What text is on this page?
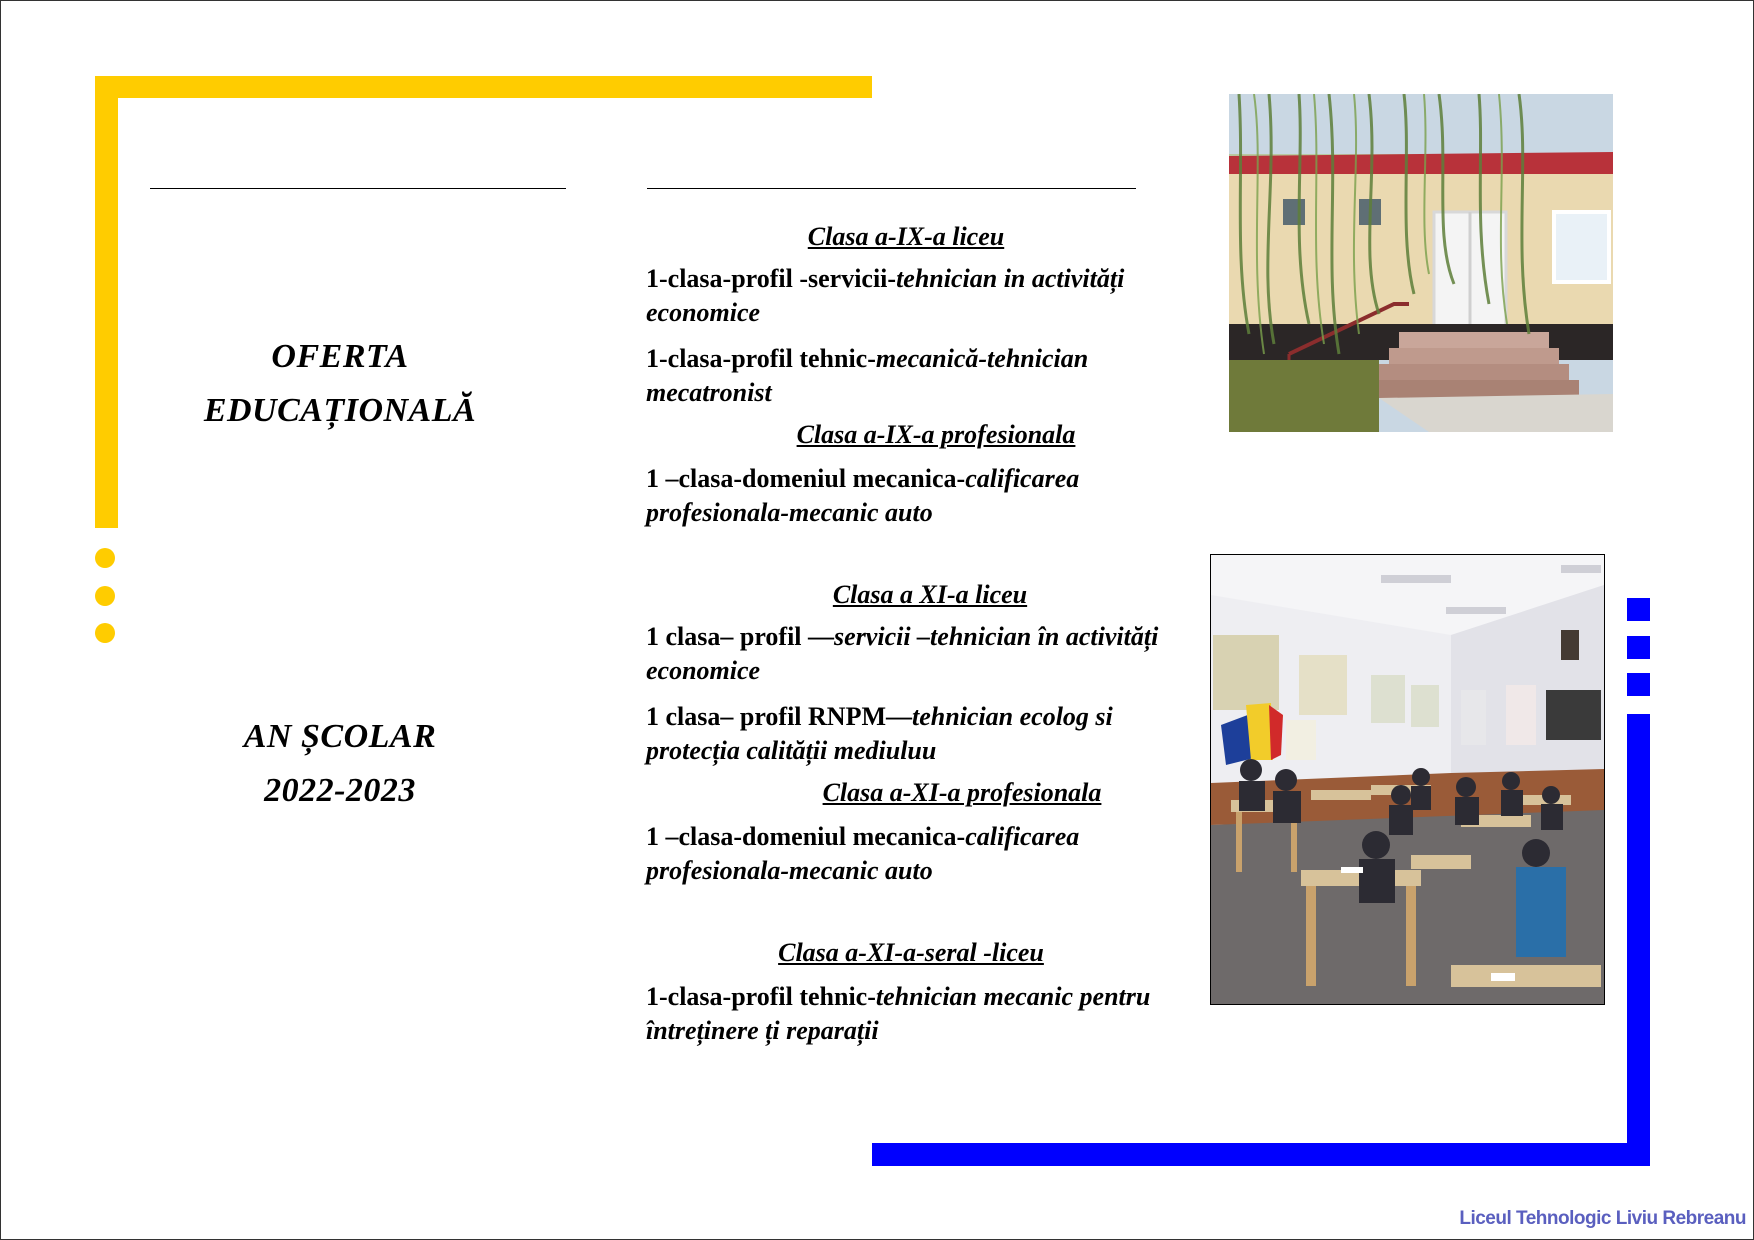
OFERTA
EDUCAȚIONALĂ
AN ȘCOLAR
2022-2023
Clasa a-IX-a liceu
1-clasa-profil -servicii-tehnician in activități economice
1-clasa-profil tehnic-mecanică-tehnician mecatronist
Clasa a-IX-a profesionala
1 –clasa-domeniul mecanica-calificarea profesionala-mecanic auto
Clasa a XI-a liceu
1 clasa– profil —servicii –tehnician în activități economice
1 clasa– profil RNPM—tehnician ecolog si protecția calității mediuluu
Clasa a-XI-a profesionala
1 –clasa-domeniul mecanica-calificarea profesionala-mecanic auto
Clasa a-XI-a-seral -liceu
1-clasa-profil tehnic-tehnician mecanic pentru întreținere ți reparații
Liceul Tehnologic Liviu Rebreanu
